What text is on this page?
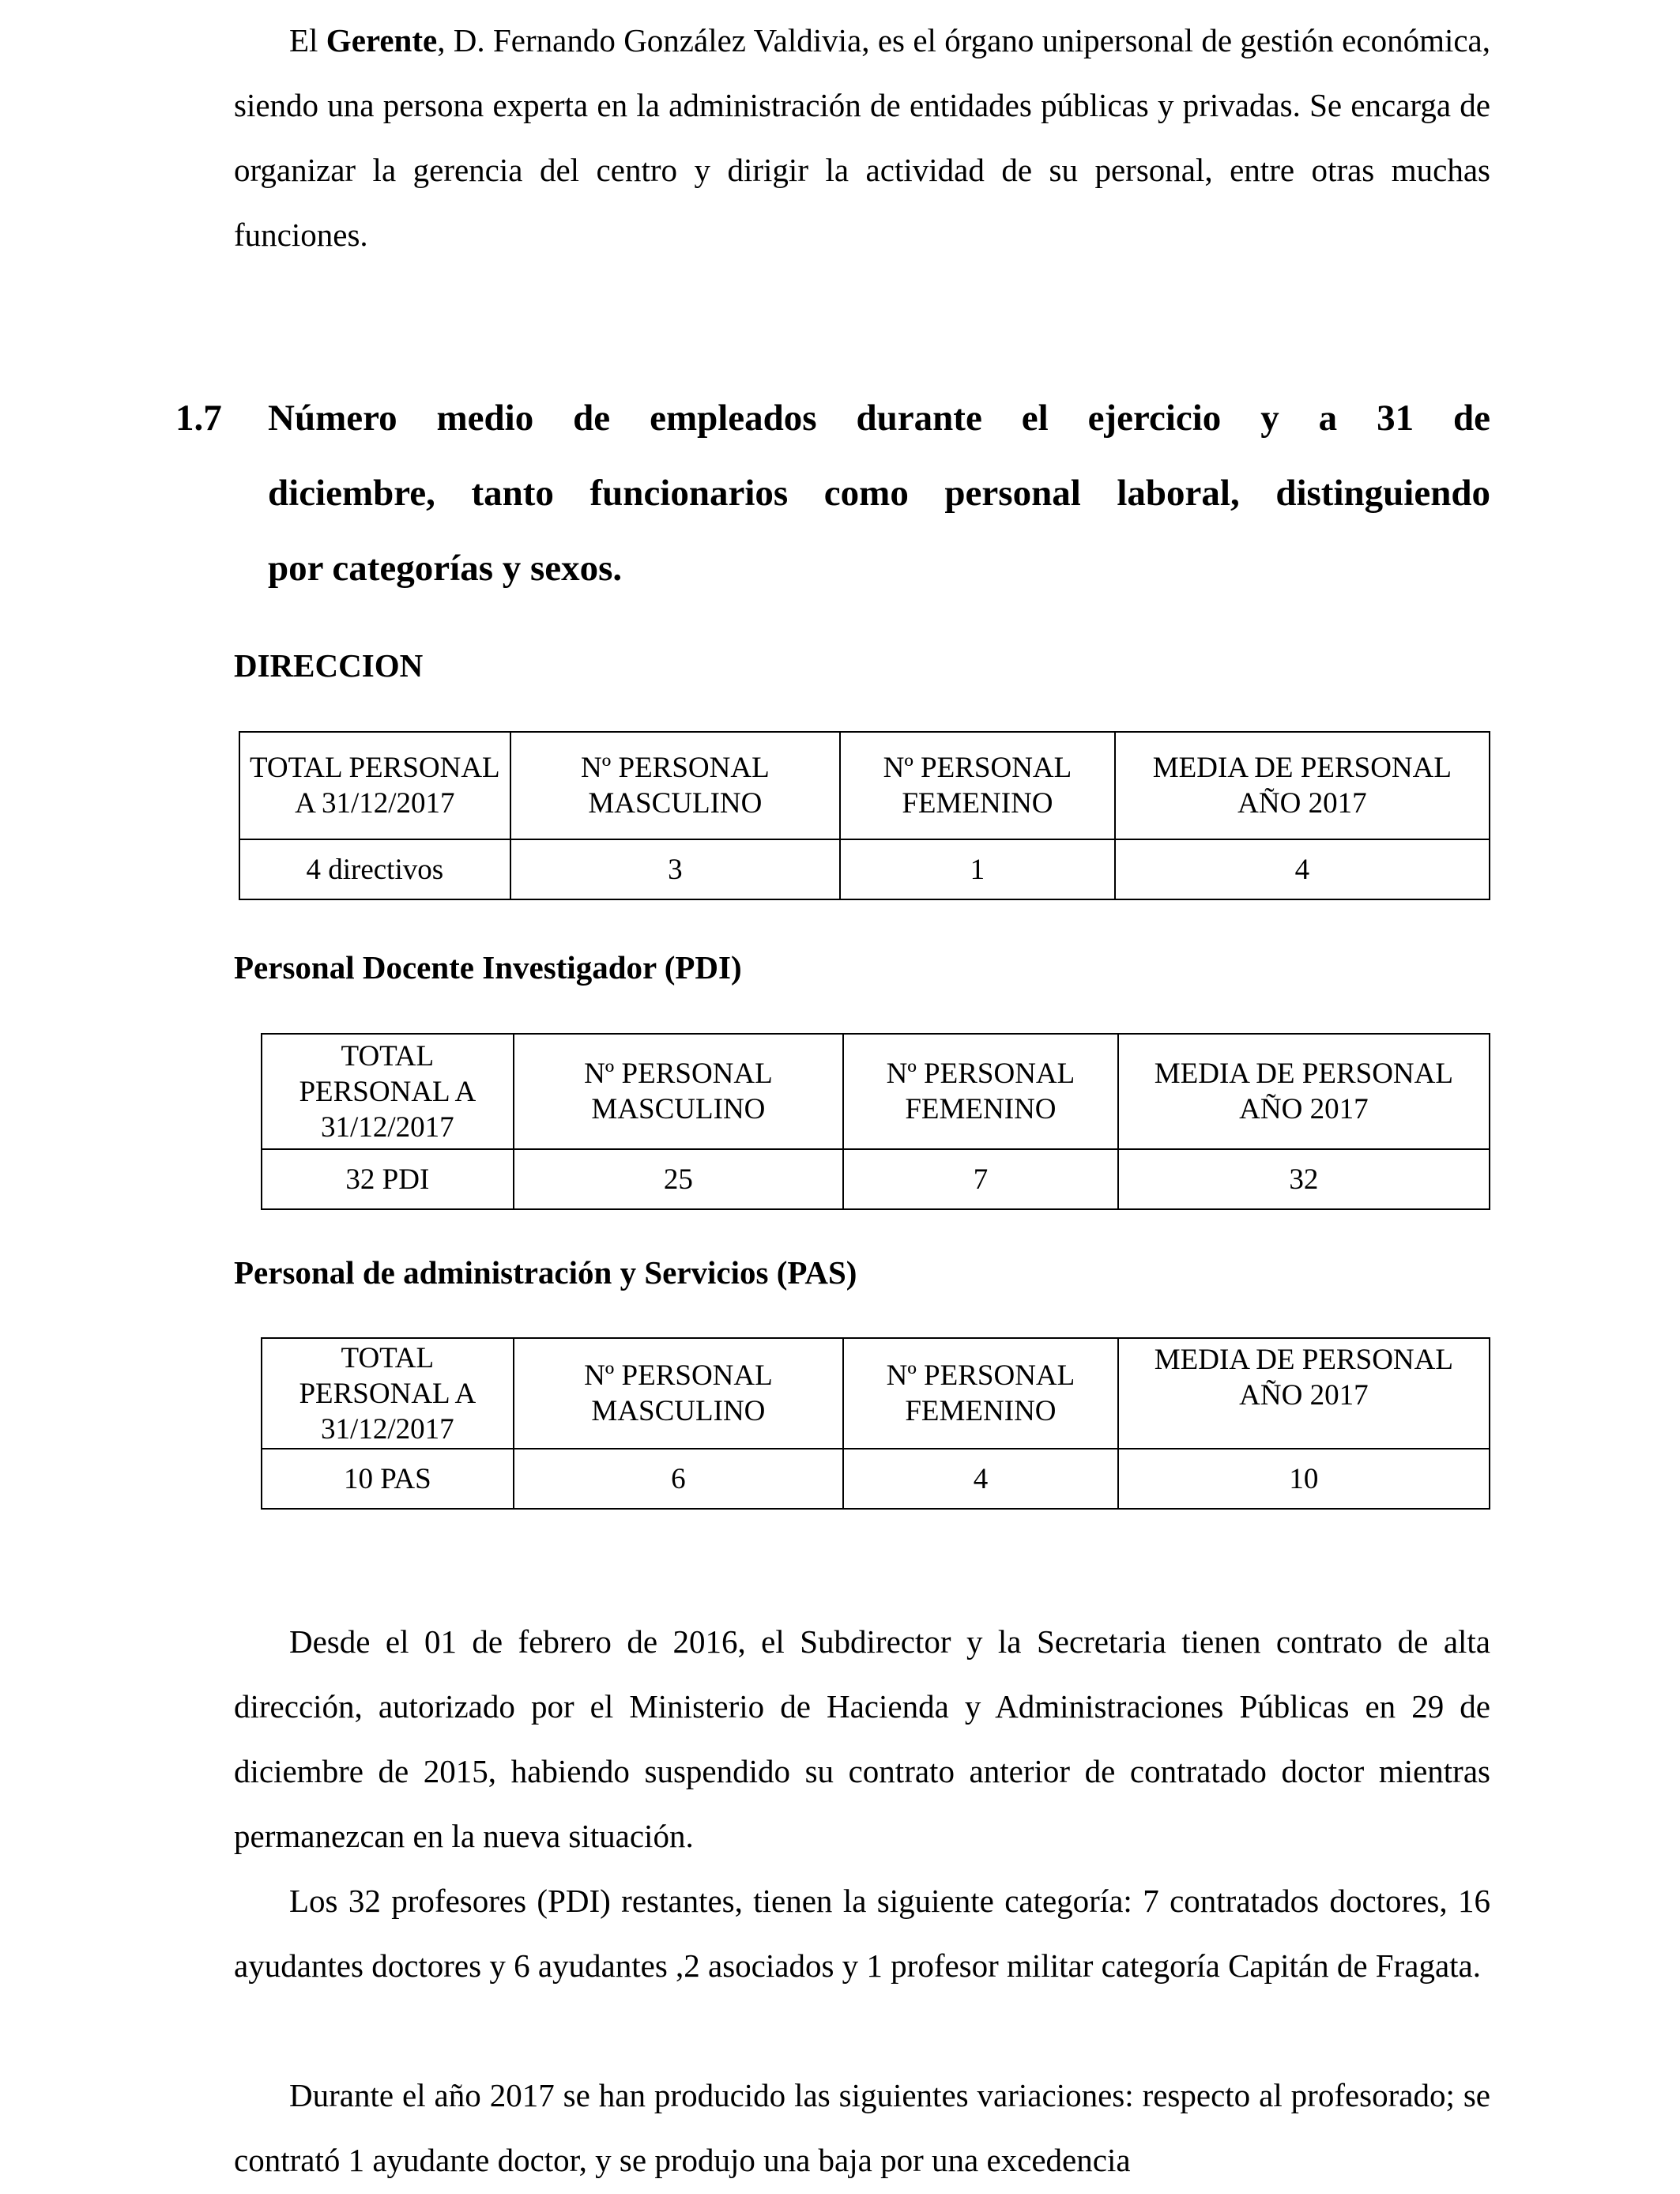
El Gerente, D. Fernando González Valdivia, es el órgano unipersonal de gestión económica, siendo una persona experta en la administración de entidades públicas y privadas. Se encarga de organizar la gerencia del centro y dirigir la actividad de su personal, entre otras muchas funciones.

1.7 Número medio de empleados durante el ejercicio y a 31 de
diciembre, tanto funcionarios como personal laboral, distinguiendo
por categorías y sexos.
DIRECCION
TOTAL PERSONAL A 31/12/2017	Nº PERSONAL MASCULINO	Nº PERSONAL FEMENINO	MEDIA DE PERSONAL AÑO 2017
4 directivos	3	1	4
Personal Docente Investigador (PDI)
TOTAL PERSONAL A 31/12/2017	Nº PERSONAL MASCULINO	Nº PERSONAL FEMENINO	MEDIA DE PERSONAL AÑO 2017
32 PDI	25	7	32
Personal de administración y Servicios (PAS)
TOTAL PERSONAL A 31/12/2017	Nº PERSONAL MASCULINO	Nº PERSONAL FEMENINO	MEDIA DE PERSONAL AÑO 2017
10 PAS	6	4	10

Desde el 01 de febrero de 2016, el Subdirector y la Secretaria tienen contrato de alta dirección, autorizado por el Ministerio de Hacienda y Administraciones Públicas en 29 de diciembre de 2015, habiendo suspendido su contrato anterior de contratado doctor mientras permanezcan en la nueva situación.

Los 32 profesores (PDI) restantes, tienen la siguiente categoría: 7 contratados doctores, 16 ayudantes doctores y 6 ayudantes ,2 asociados y 1 profesor militar categoría Capitán de Fragata.

Durante el año 2017 se han producido las siguientes variaciones: respecto al profesorado; se contrató 1 ayudante doctor, y se produjo una baja por una excedencia
